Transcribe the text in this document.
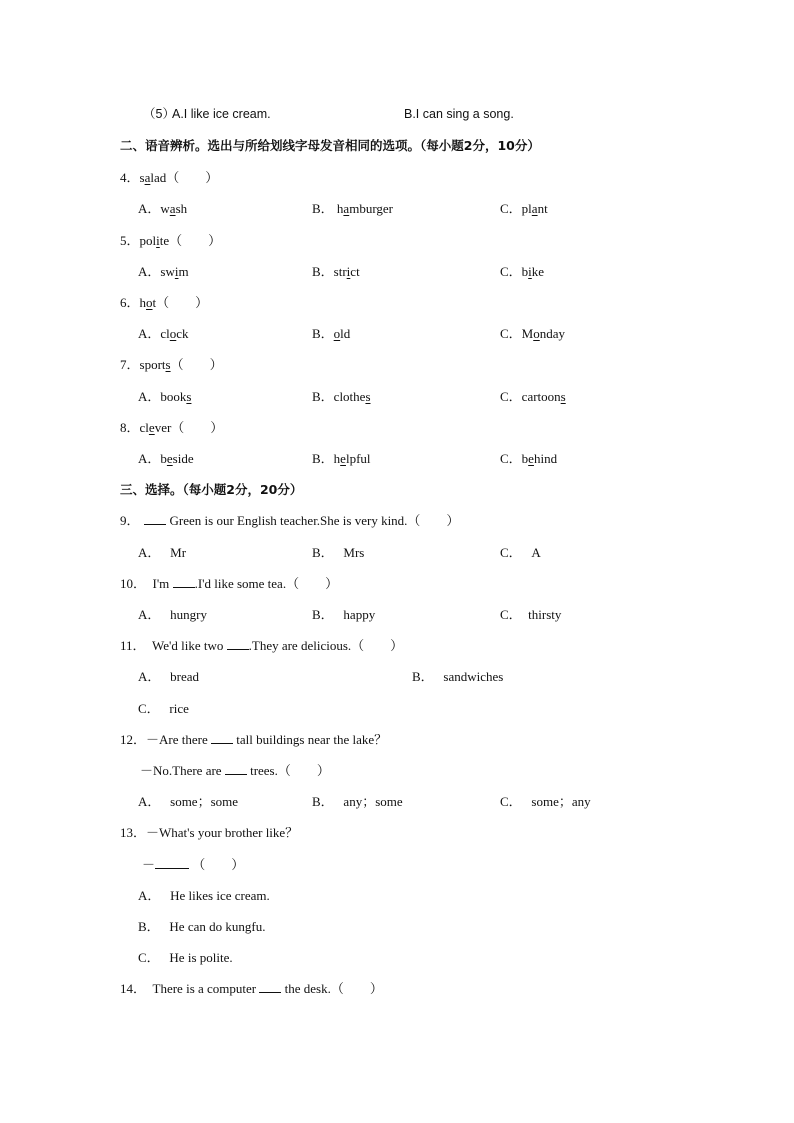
（5）
A.I like ice cream.	B.I can sing a song.
二、语音辨析。选出与所给划线字母发音相同的选项。（每小题2分，10分）
4．salad（　　）
A．wash	B． hamburger	C．plant
5．polite（　　）
A．swim	B．strict	C．bike
6．hot（　　）
A．clock	B．old	C．Monday
7．sports（　　）
A．books	B．clothes	C．cartoons
8．clever（　　）
A．beside	B．helpful	C．behind
三、选择。（每小题2分，20分）
9． Green is our English teacher.She is very kind.（　　）
A． Mr	B． Mrs	C． A
10． I'm .I'd like some tea.（　　）
A． hungry	B． happy	C． thirsty
11． We'd like two .They are delicious.（　　）
A． bread	B． sandwiches
C． rice
12．－Are there tall buildings near the lake？
－No.There are trees.（　　）
A． some；some	B． any；some	C． some；any
13．－What's your brother like？
－	（　　）
A． He likes ice cream.
B． He can do kungfu.
C． He is polite.
14． There is a computer the desk.（　　）
